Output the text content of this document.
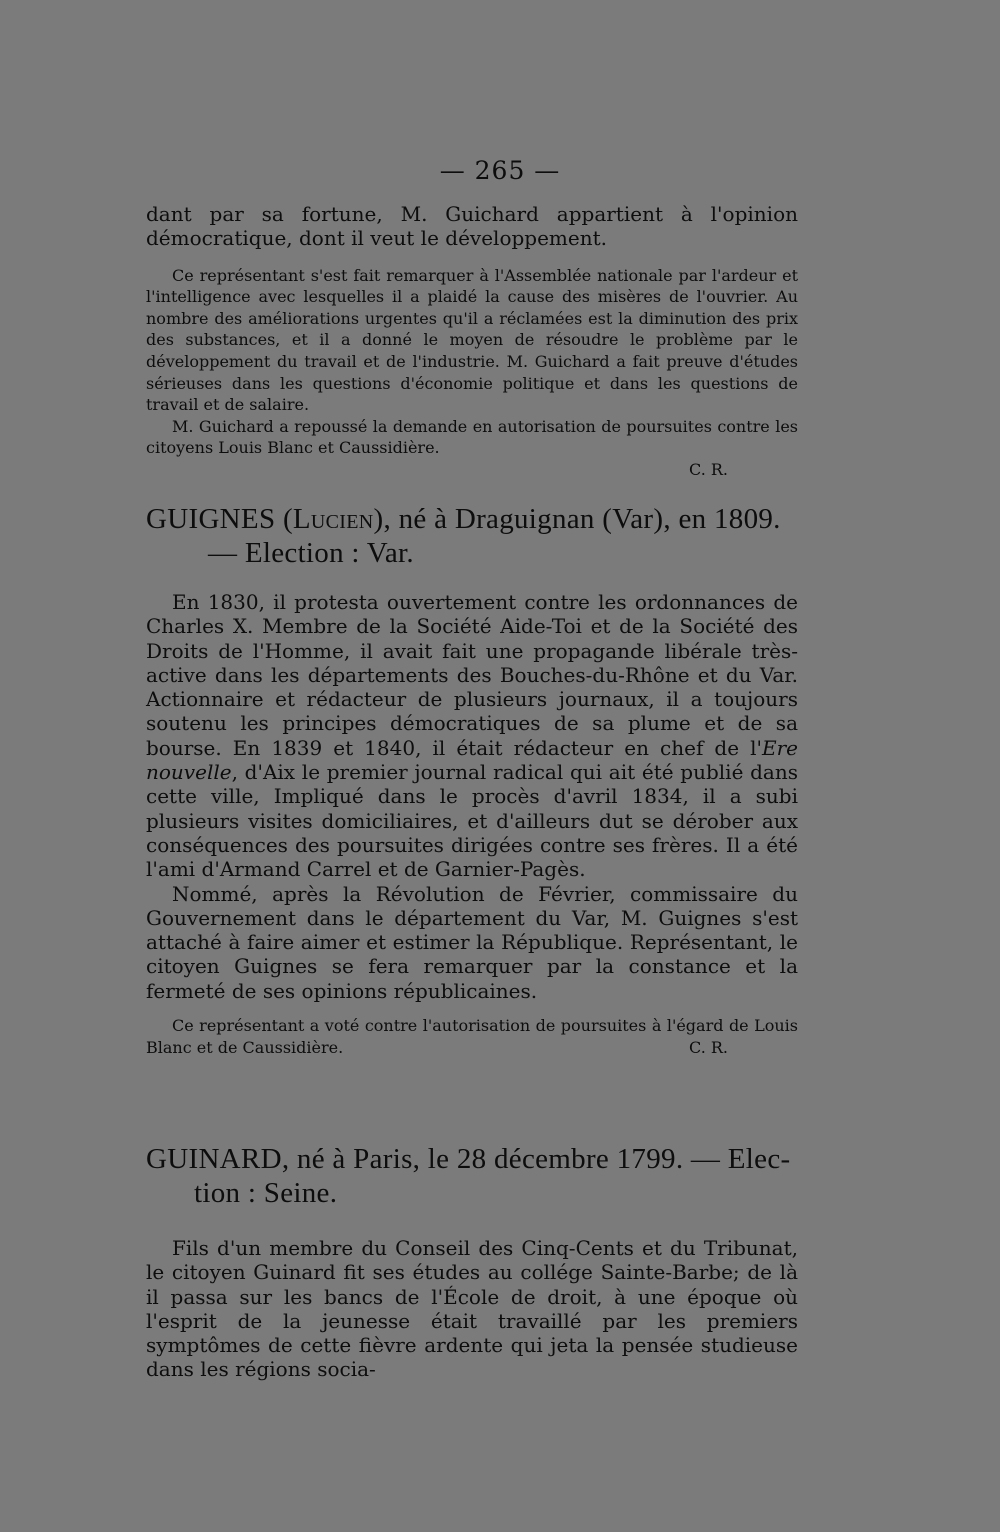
— 265 —

dant par sa fortune, M. Guichard appartient à l'opinion démocratique, dont il veut le développement.

Ce représentant s'est fait remarquer à l'Assemblée nationale par l'ardeur et l'intelligence avec lesquelles il a plaidé la cause des misères de l'ouvrier. Au nombre des améliorations urgentes qu'il a réclamées est la diminution des prix des substances, et il a donné le moyen de résoudre le problème par le développement du travail et de l'industrie. M. Guichard a fait preuve d'études sérieuses dans les questions d'économie politique et dans les questions de travail et de salaire.

M. Guichard a repoussé la demande en autorisation de poursuites contre les citoyens Louis Blanc et Caussidière.

C. R.
GUIGNES (Lucien), né à Draguignan (Var), en 1809.
— Election : Var.

En 1830, il protesta ouvertement contre les ordonnances de Charles X. Membre de la Société Aide-Toi et de la Société des Droits de l'Homme, il avait fait une propagande libérale très-active dans les départements des Bouches-du-Rhône et du Var. Actionnaire et rédacteur de plusieurs journaux, il a toujours soutenu les principes démocratiques de sa plume et de sa bourse. En 1839 et 1840, il était rédacteur en chef de l'Ere nouvelle, d'Aix le premier journal radical qui ait été publié dans cette ville, Impliqué dans le procès d'avril 1834, il a subi plusieurs visites domiciliaires, et d'ailleurs dut se dérober aux conséquences des poursuites dirigées contre ses frères. Il a été l'ami d'Armand Carrel et de Garnier-Pagès.

Nommé, après la Révolution de Février, commissaire du Gouvernement dans le département du Var, M. Guignes s'est attaché à faire aimer et estimer la République. Représentant, le citoyen Guignes se fera remarquer par la constance et la fermeté de ses opinions républicaines.

Ce représentant a voté contre l'autorisation de poursuites à l'égard de Louis Blanc et de Caussidière.	C. R.
GUINARD, né à Paris, le 28 décembre 1799. — Elec-
tion : Seine.

Fils d'un membre du Conseil des Cinq-Cents et du Tribunat, le citoyen Guinard fit ses études au collége Sainte-Barbe; de là il passa sur les bancs de l'École de droit, à une époque où l'esprit de la jeunesse était travaillé par les premiers symptômes de cette fièvre ardente qui jeta la pensée studieuse dans les régions socia-
